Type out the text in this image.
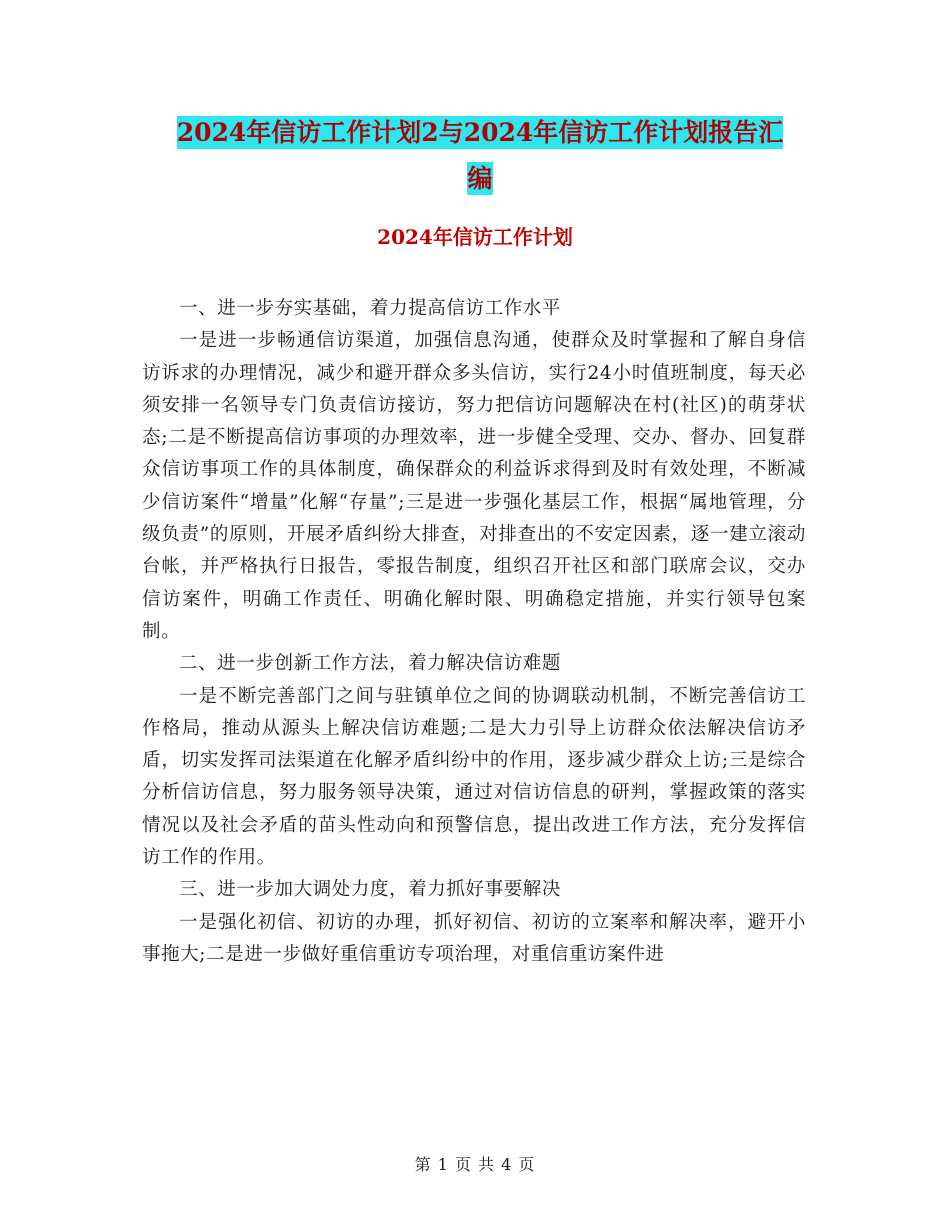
2024年信访工作计划2与2024年信访工作计划报告汇
编
2024年信访工作计划

一、进一步夯实基础，着力提高信访工作水平

一是进一步畅通信访渠道，加强信息沟通，使群众及时掌握和了解自身信访诉求的办理情况，减少和避开群众多头信访，实行24小时值班制度，每天必须安排一名领导专门负责信访接访，努力把信访问题解决在村(社区)的萌芽状态;二是不断提高信访事项的办理效率，进一步健全受理、交办、督办、回复群众信访事项工作的具体制度，确保群众的利益诉求得到及时有效处理，不断减少信访案件“增量”化解“存量”;三是进一步强化基层工作，根据“属地管理，分级负责”的原则，开展矛盾纠纷大排查，对排查出的不安定因素，逐一建立滚动台帐，并严格执行日报告，零报告制度，组织召开社区和部门联席会议，交办信访案件，明确工作责任、明确化解时限、明确稳定措施，并实行领导包案制。

二、进一步创新工作方法，着力解决信访难题

一是不断完善部门之间与驻镇单位之间的协调联动机制，不断完善信访工作格局，推动从源头上解决信访难题;二是大力引导上访群众依法解决信访矛盾，切实发挥司法渠道在化解矛盾纠纷中的作用，逐步减少群众上访;三是综合分析信访信息，努力服务领导决策，通过对信访信息的研判，掌握政策的落实情况以及社会矛盾的苗头性动向和预警信息，提出改进工作方法，充分发挥信访工作的作用。

三、进一步加大调处力度，着力抓好事要解决

一是强化初信、初访的办理，抓好初信、初访的立案率和解决率，避开小事拖大;二是进一步做好重信重访专项治理，对重信重访案件进

第 1 页 共 4 页
